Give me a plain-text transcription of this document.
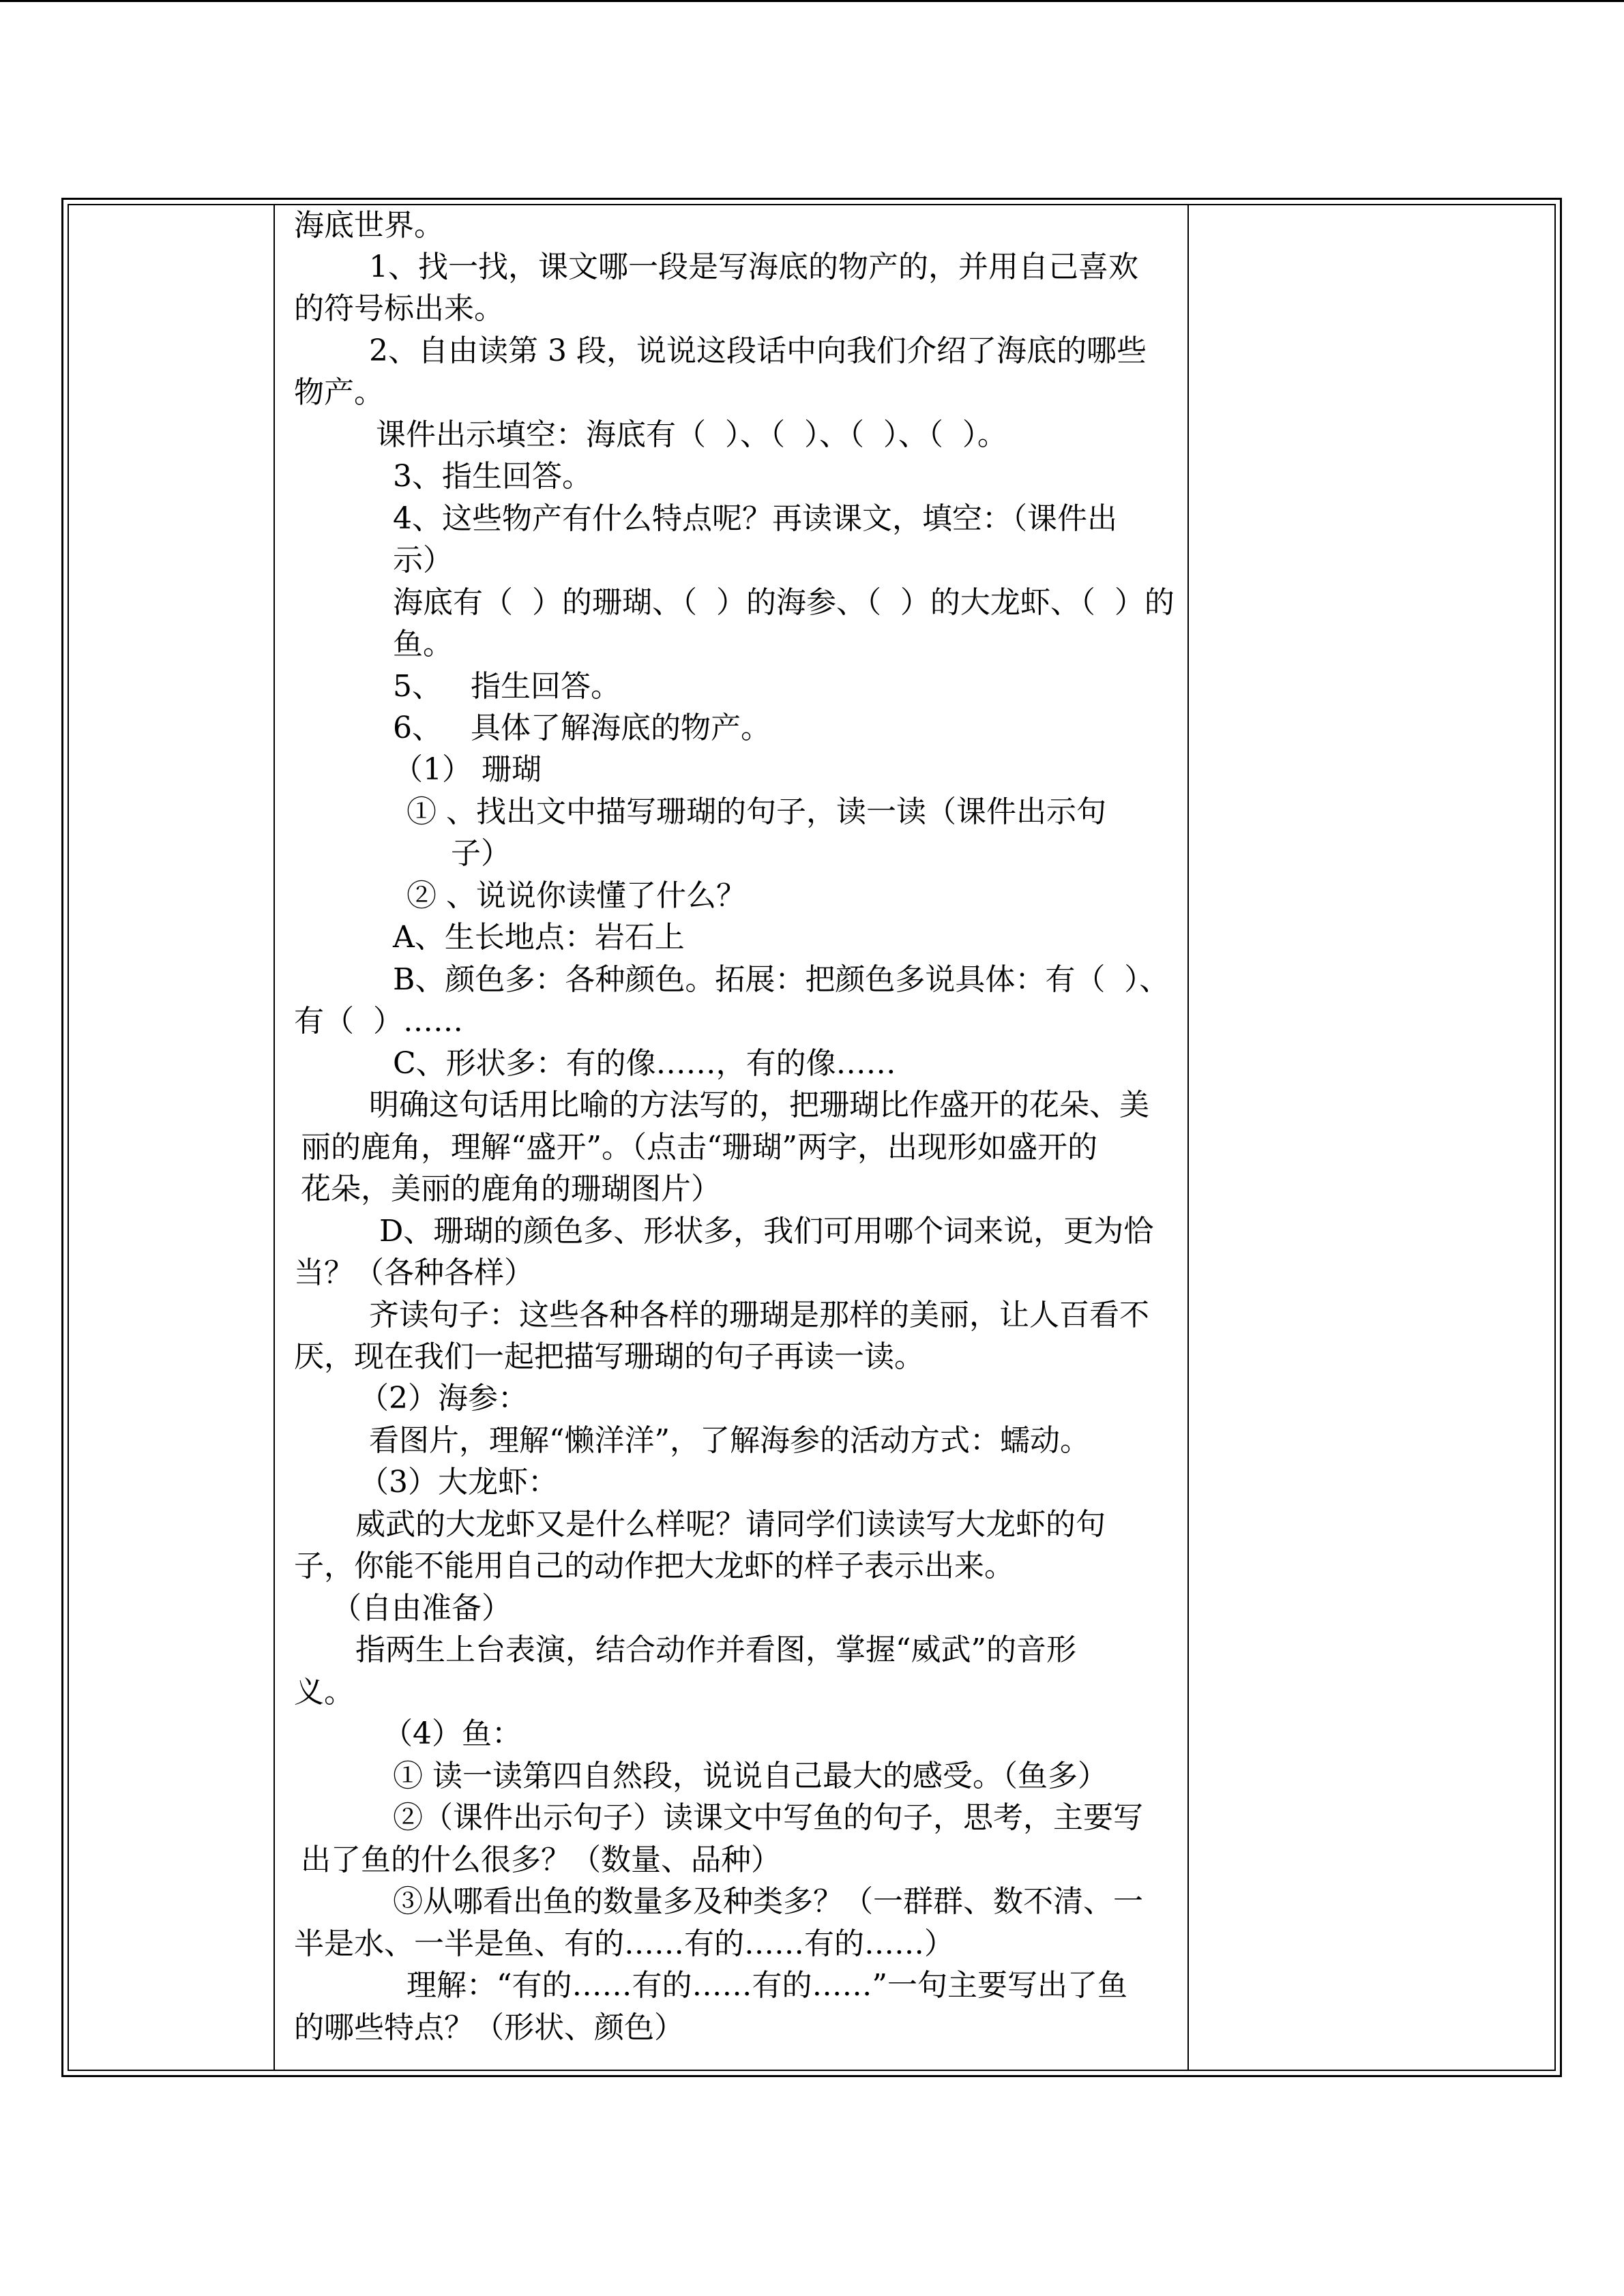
海底世界。
1、找一找，课文哪一段是写海底的物产的，并用自己喜欢
的符号标出来。
2、自由读第 3 段，说说这段话中向我们介绍了海底的哪些
物产。
课件出示填空：海底有（  ）、（  ）、（  ）、（  ）。
3、指生回答。
4、这些物产有什么特点呢？再读课文，填空：（课件出
示）
海底有（  ）的珊瑚、（  ）的海参、（  ）的大龙虾、（  ）的
鱼。
5、   指生回答。
6、   具体了解海底的物产。
（1） 珊瑚
① 、找出文中描写珊瑚的句子，读一读（课件出示句
子）
② 、说说你读懂了什么？
A、生长地点：岩石上
B、颜色多：各种颜色。拓展：把颜色多说具体：有（  ）、
有（  ）……
C、形状多：有的像……，有的像……
明确这句话用比喻的方法写的，把珊瑚比作盛开的花朵、美
丽的鹿角，理解“盛开”。（点击“珊瑚”两字，出现形如盛开的
花朵，美丽的鹿角的珊瑚图片）
D、珊瑚的颜色多、形状多，我们可用哪个词来说，更为恰
当？（各种各样）
齐读句子：这些各种各样的珊瑚是那样的美丽，让人百看不
厌，现在我们一起把描写珊瑚的句子再读一读。
（2）海参：
看图片，理解“懒洋洋”，了解海参的活动方式：蠕动。
（3）大龙虾：
威武的大龙虾又是什么样呢？请同学们读读写大龙虾的句
子，你能不能用自己的动作把大龙虾的样子表示出来。
（自由准备）
指两生上台表演，结合动作并看图，掌握“威武”的音形
义。
（4）鱼：
① 读一读第四自然段，说说自己最大的感受。（鱼多）
②（课件出示句子）读课文中写鱼的句子，思考，主要写
出了鱼的什么很多？（数量、品种）
③从哪看出鱼的数量多及种类多？（一群群、数不清、一
半是水、一半是鱼、有的……有的……有的……）
理解：“有的……有的……有的……”一句主要写出了鱼
的哪些特点？（形状、颜色）
